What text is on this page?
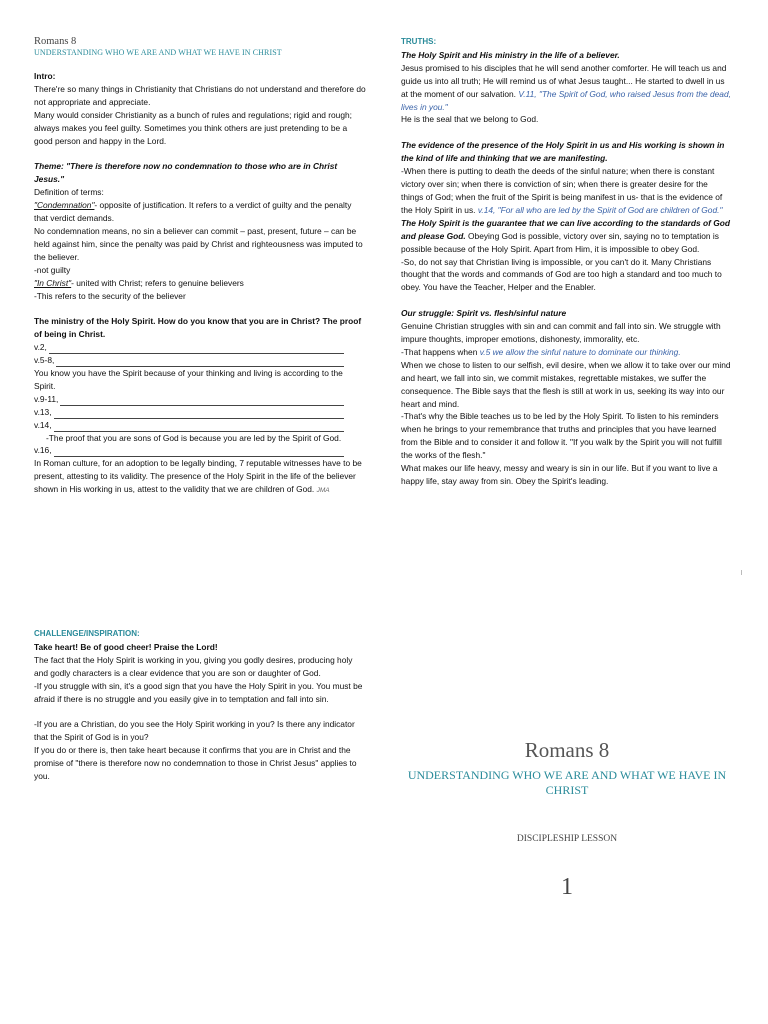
Romans 8
UNDERSTANDING WHO WE ARE AND WHAT WE HAVE IN CHRIST

Intro:

There're so many things in Christianity that Christians do not understand and therefore do not appropriate and appreciate.

Many would consider Christianity as a bunch of rules and regulations; rigid and rough; always makes you feel guilty. Sometimes you think others are just pretending to be a good person and happy in the Lord.

Theme: "There is therefore now no condemnation to those who are in Christ Jesus."

Definition of terms:

"Condemnation"- opposite of justification. It refers to a verdict of guilty and the penalty that verdict demands.

No condemnation means, no sin a believer can commit – past, present, future – can be held against him, since the penalty was paid by Christ and righteousness was imputed to the believer.

-not guilty

"In Christ"- united with Christ; refers to genuine believers

-This refers to the security of the believer

The ministry of the Holy Spirit. How do you know that you are in Christ? The proof of being in Christ.

v.2,
v.5-8,

You know you have the Spirit because of your thinking and living is according to the Spirit.

v.9-11,
v.13,
v.14,

-The proof that you are sons of God is because you are led by the Spirit of God.

v.16,

In Roman culture, for an adoption to be legally binding, 7 reputable witnesses have to be present, attesting to its validity. The presence of the Holy Spirit in the life of the believer shown in His working in us, attest to the validity that we are children of God. JMA

TRUTHS:

The Holy Spirit and His ministry in the life of a believer.

Jesus promised to his disciples that he will send another comforter. He will teach us and guide us into all truth; He will remind us of what Jesus taught... He started to dwell in us at the moment of our salvation. V.11, "The Spirit of God, who raised Jesus from the dead, lives in you."

He is the seal that we belong to God.

The evidence of the presence of the Holy Spirit in us and His working is shown in the kind of life and thinking that we are manifesting.

-When there is putting to death the deeds of the sinful nature; when there is constant victory over sin; when there is conviction of sin; when there is greater desire for the things of God; when the fruit of the Spirit is being manifest in us- that is the evidence of the Holy Spirit in us. v.14, "For all who are led by the Spirit of God are children of God."

The Holy Spirit is the guarantee that we can live according to the standards of God and please God. Obeying God is possible, victory over sin, saying no to temptation is possible because of the Holy Spirit. Apart from Him, it is impossible to obey God.

-So, do not say that Christian living is impossible, or you can't do it. Many Christians thought that the words and commands of God are too high a standard and too much to obey. You have the Teacher, Helper and the Enabler.

Our struggle: Spirit vs. flesh/sinful nature

Genuine Christian struggles with sin and can commit and fall into sin. We struggle with impure thoughts, improper emotions, dishonesty, immorality, etc.

-That happens when v.5 we allow the sinful nature to dominate our thinking.

When we chose to listen to our selfish, evil desire, when we allow it to take over our mind and heart, we fall into sin, we commit mistakes, regrettable mistakes, we suffer the consequence. The Bible says that the flesh is still at work in us, seeking its way into our heart and mind.

-That's why the Bible teaches us to be led by the Holy Spirit. To listen to his reminders when he brings to your remembrance that truths and principles that you have learned from the Bible and to consider it and follow it. "If you walk by the Spirit you will not fulfill the works of the flesh."

What makes our life heavy, messy and weary is sin in our life. But if you want to live a happy life, stay away from sin. Obey the Spirit's leading.

CHALLENGE/INSPIRATION:

Take heart! Be of good cheer! Praise the Lord!

The fact that the Holy Spirit is working in you, giving you godly desires, producing holy and godly characters is a clear evidence that you are son or daughter of God.

-If you struggle with sin, it's a good sign that you have the Holy Spirit in you. You must be afraid if there is no struggle and you easily give in to temptation and fall into sin.

-If you are a Christian, do you see the Holy Spirit working in you? Is there any indicator that the Spirit of God is in you?

If you do or there is, then take heart because it confirms that you are in Christ and the promise of "there is therefore now no condemnation to those in Christ Jesus" applies to you.

Romans 8
UNDERSTANDING WHO WE ARE AND WHAT WE HAVE IN CHRIST
DISCIPLESHIP LESSON
1
